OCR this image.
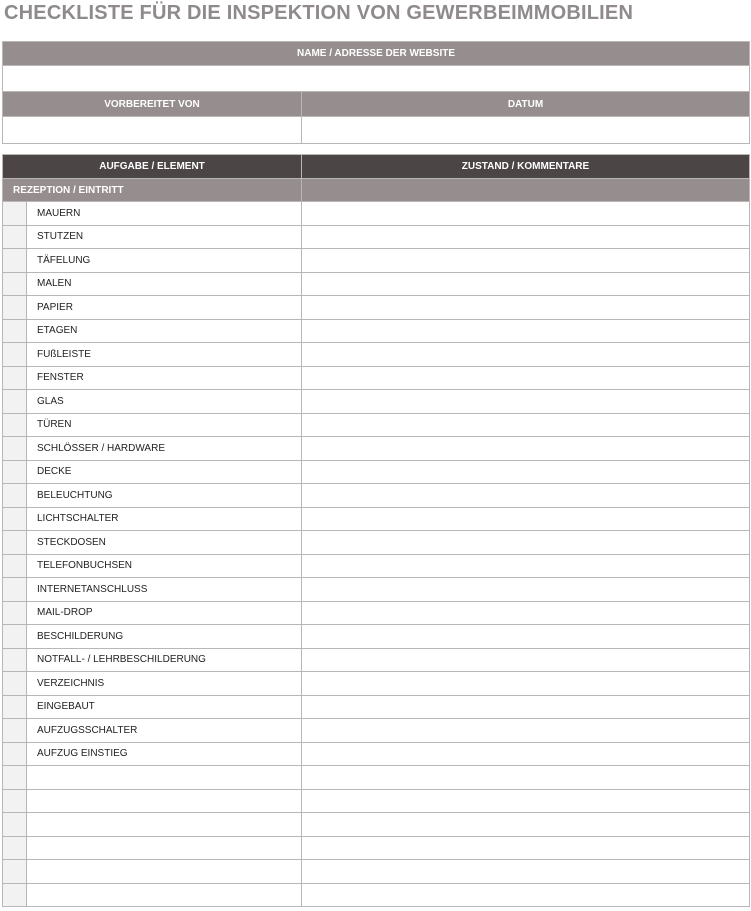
CHECKLISTE FÜR DIE INSPEKTION VON GEWERBEIMMOBILIEN
NAME / ADRESSE DER WEBSITE	

VORBEREITET VON	DATUM

AUFGABE / ELEMENT		ZUSTAND / KOMMENTARE
REZEPTION / EINTRITT		
	MAUERN	
	STUTZEN	
	TÄFELUNG	
	MALEN	
	PAPIER	
	ETAGEN	
	FUßLEISTE	
	FENSTER	
	GLAS	
	TÜREN	
	SCHLÖSSER / HARDWARE	
	DECKE	
	BELEUCHTUNG	
	LICHTSCHALTER	
	STECKDOSEN	
	TELEFONBUCHSEN	
	INTERNETANSCHLUSS	
	MAIL-DROP	
	BESCHILDERUNG	
	NOTFALL- / LEHRBESCHILDERUNG	
	VERZEICHNIS	
	EINGEBAUT	
	AUFZUGSSCHALTER	
	AUFZUG EINSTIEG	
